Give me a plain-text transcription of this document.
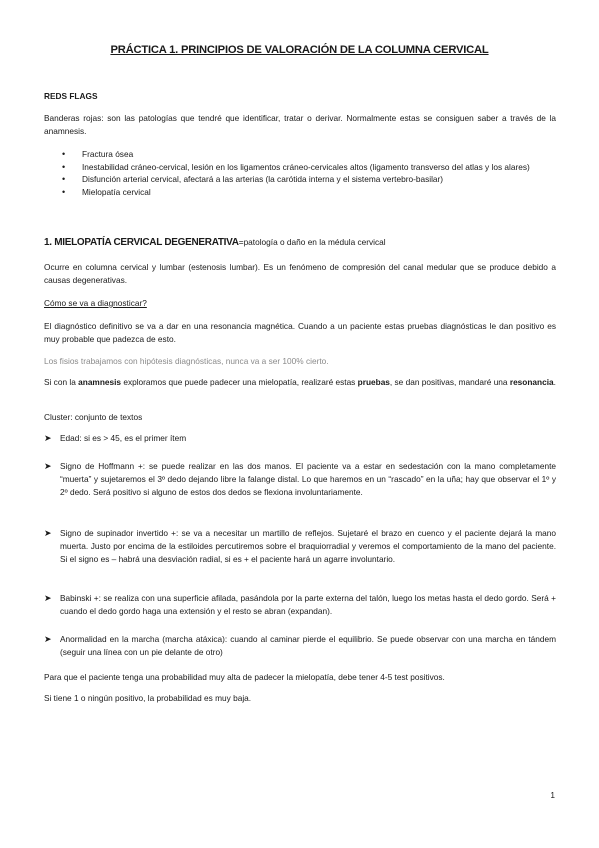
PRÁCTICA 1. PRINCIPIOS DE VALORACIÓN DE LA COLUMNA CERVICAL

REDS FLAGS

Banderas rojas: son las patologías que tendré que identificar, tratar o derivar. Normalmente estas se consiguen saber a través de la anamnesis.

• Fractura ósea
• Inestabilidad cráneo-cervical, lesión en los ligamentos cráneo-cervicales altos (ligamento transverso del atlas y los alares)
• Disfunción arterial cervical, afectará a las arterias (la carótida interna y el sistema vertebro-basilar)
• Mielopatía cervical
1. MIELOPATÍA CERVICAL DEGENERATIVA=patología o daño en la médula cervical

Ocurre en columna cervical y lumbar (estenosis lumbar). Es un fenómeno de compresión del canal medular que se produce debido a causas degenerativas.

Cómo se va a diagnosticar?

El diagnóstico definitivo se va a dar en una resonancia magnética. Cuando a un paciente estas pruebas diagnósticas le dan positivo es muy probable que padezca de esto.

Los fisios trabajamos con hipótesis diagnósticas, nunca va a ser 100% cierto.

Si con la anamnesis exploramos que puede padecer una mielopatía, realizaré estas pruebas, se dan positivas, mandaré una resonancia.

Cluster: conjunto de textos

➤ Edad: si es > 45, es el primer ítem
➤ Signo de Hoffmann +: se puede realizar en las dos manos. El paciente va a estar en sedestación con la mano completamente “muerta” y sujetaremos el 3º dedo dejando libre la falange distal. Lo que haremos en un “rascado” en la uña; hay que observar el 1º y 2º dedo. Será positivo si alguno de estos dos dedos se flexiona involuntariamente.
➤ Signo de supinador invertido +: se va a necesitar un martillo de reflejos. Sujetaré el brazo en cuenco y el paciente dejará la mano muerta. Justo por encima de la estiloides percutiremos sobre el braquiorradial y veremos el comportamiento de la mano del paciente. Si el signo es – habrá una desviación radial, si es + el paciente hará un agarre involuntario.
➤ Babinski +: se realiza con una superficie afilada, pasándola por la parte externa del talón, luego los metas hasta el dedo gordo. Será + cuando el dedo gordo haga una extensión y el resto se abran (expandan).
➤ Anormalidad en la marcha (marcha atáxica): cuando al caminar pierde el equilibrio. Se puede observar con una marcha en tándem (seguir una línea con un pie delante de otro)

Para que el paciente tenga una probabilidad muy alta de padecer la mielopatía, debe tener 4-5 test positivos.

Si tiene 1 o ningún positivo, la probabilidad es muy baja.

1
